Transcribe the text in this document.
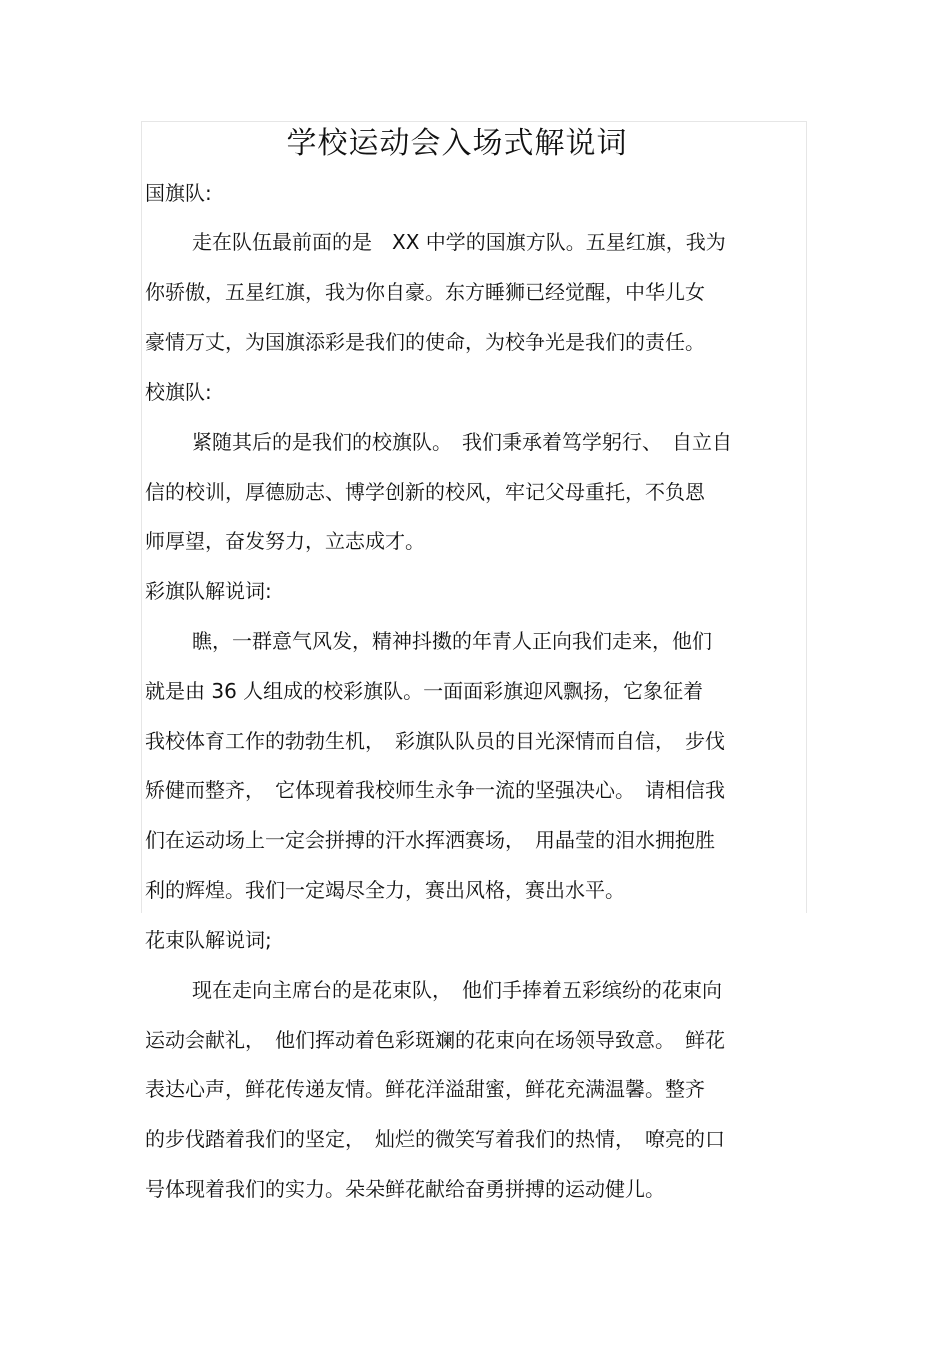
学校运动会入场式解说词
国旗队:
走在队伍最前面的是　XX 中学的国旗方队。五星红旗，我为
你骄傲，五星红旗，我为你自豪。东方睡狮已经觉醒，中华儿女
豪情万丈，为国旗添彩是我们的使命，为校争光是我们的责任。
校旗队:
紧随其后的是我们的校旗队。　我们秉承着笃学躬行、　自立自
信的校训，厚德励志、博学创新的校风，牢记父母重托，不负恩
师厚望，奋发努力，立志成才。
彩旗队解说词:
瞧，一群意气风发，精神抖擞的年青人正向我们走来，他们
就是由 36 人组成的校彩旗队。一面面彩旗迎风飘扬，它象征着
我校体育工作的勃勃生机，　彩旗队队员的目光深情而自信，　步伐
矫健而整齐，　它体现着我校师生永争一流的坚强决心。　请相信我
们在运动场上一定会拼搏的汗水挥洒赛场，　用晶莹的泪水拥抱胜
利的辉煌。我们一定竭尽全力，赛出风格，赛出水平。
花束队解说词;
现在走向主席台的是花束队，　他们手捧着五彩缤纷的花束向
运动会献礼，　他们挥动着色彩斑斓的花束向在场领导致意。　鲜花
表达心声，鲜花传递友情。鲜花洋溢甜蜜，鲜花充满温馨。整齐
的步伐踏着我们的坚定，　灿烂的微笑写着我们的热情，　嘹亮的口
号体现着我们的实力。朵朵鲜花献给奋勇拼搏的运动健儿。
